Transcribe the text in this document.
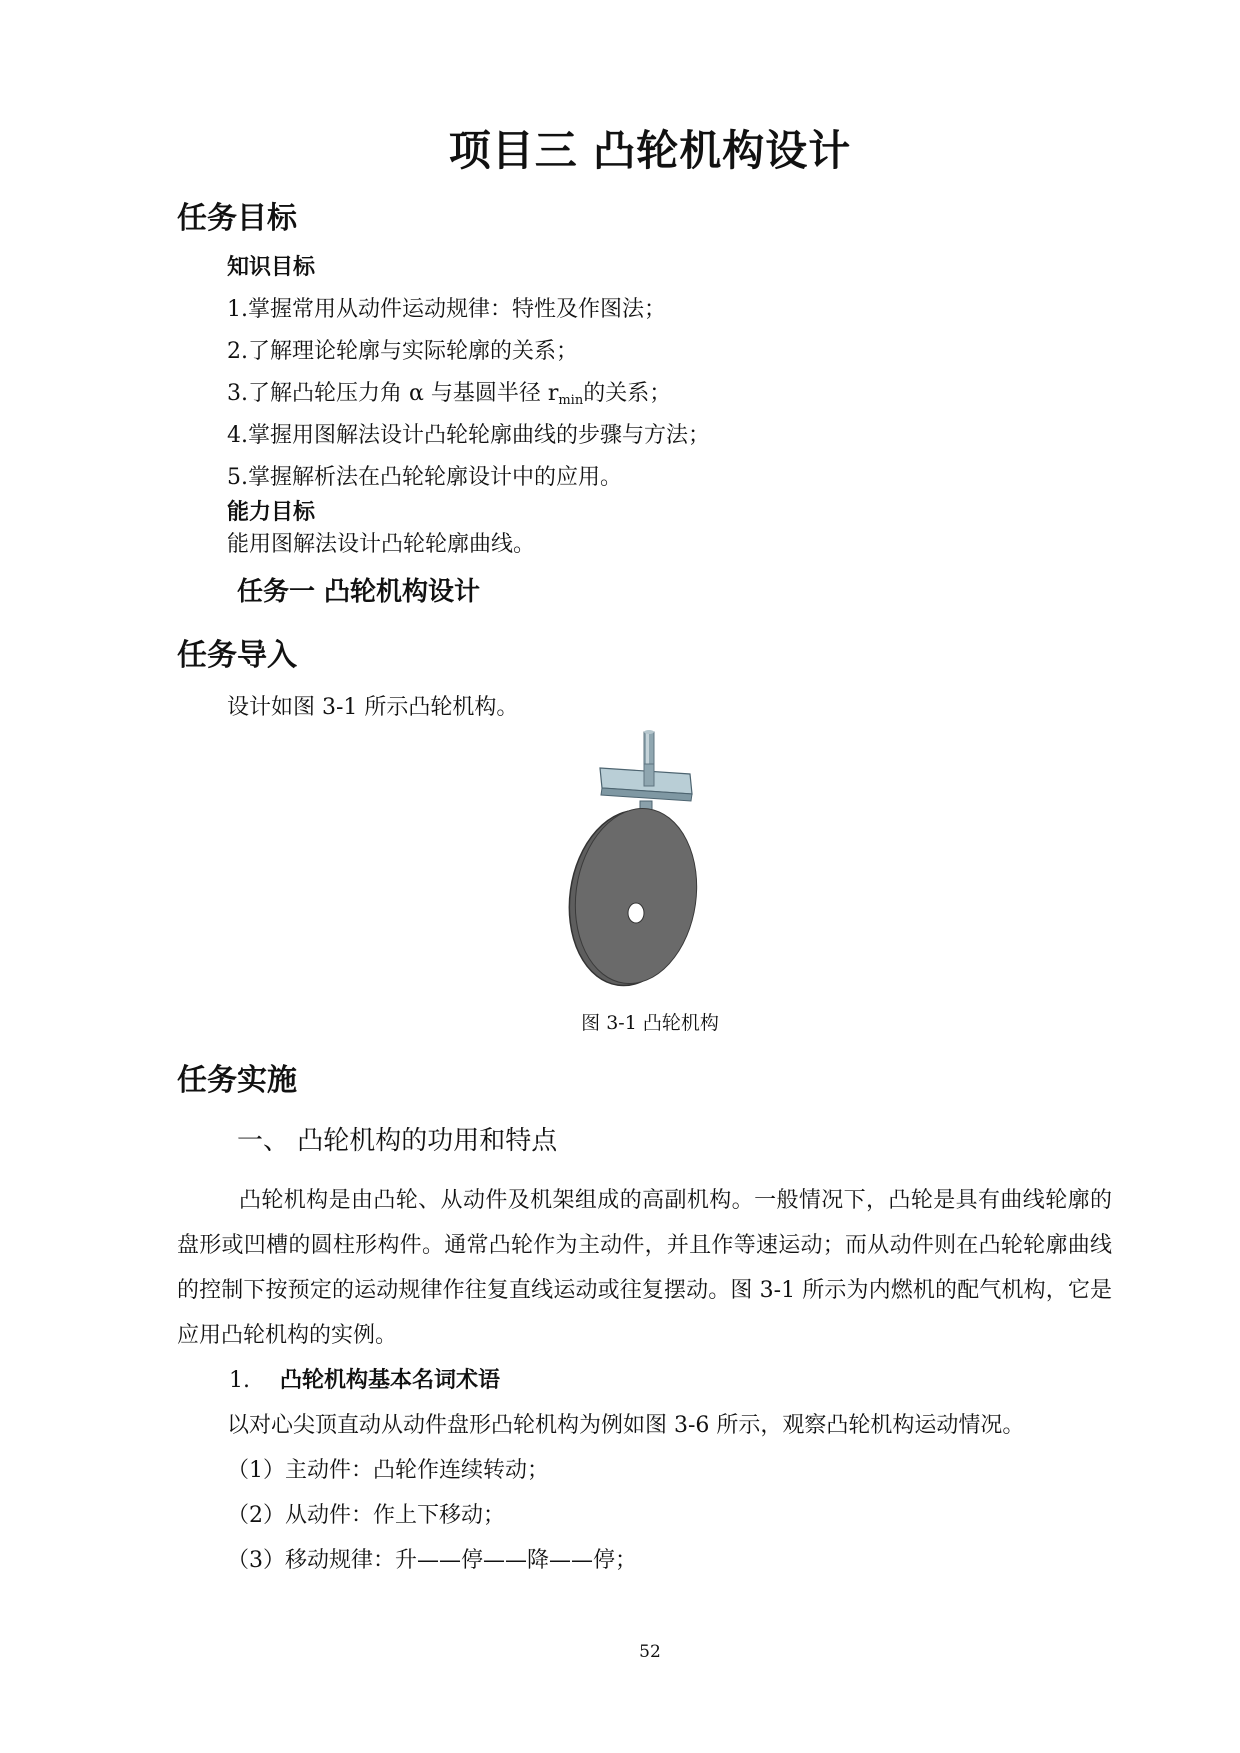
项目三 凸轮机构设计
任务目标
知识目标
1.掌握常用从动件运动规律：特性及作图法；
2.了解理论轮廓与实际轮廓的关系；
3.了解凸轮压力角 α 与基圆半径 $r_{min}$的关系；
4.掌握用图解法设计凸轮轮廓曲线的步骤与方法；
5.掌握解析法在凸轮轮廓设计中的应用。
能力目标
能用图解法设计凸轮轮廓曲线。
任务一 凸轮机构设计
任务导入
设计如图 3-1 所示凸轮机构。
图 3-1 凸轮机构
任务实施
一、 凸轮机构的功用和特点
凸轮机构是由凸轮、从动件及机架组成的高副机构。一般情况下，凸轮是具有曲线轮廓的盘形或凹槽的圆柱形构件。通常凸轮作为主动件，并且作等速运动；而从动件则在凸轮轮廓曲线的控制下按预定的运动规律作往复直线运动或往复摆动。图 3-1 所示为内燃机的配气机构，它是应用凸轮机构的实例。
1. 凸轮机构基本名词术语
以对心尖顶直动从动件盘形凸轮机构为例如图 3-6 所示，观察凸轮机构运动情况。
（1）主动件：凸轮作连续转动；
（2）从动件：作上下移动；
（3）移动规律：升——停——降——停；
52
